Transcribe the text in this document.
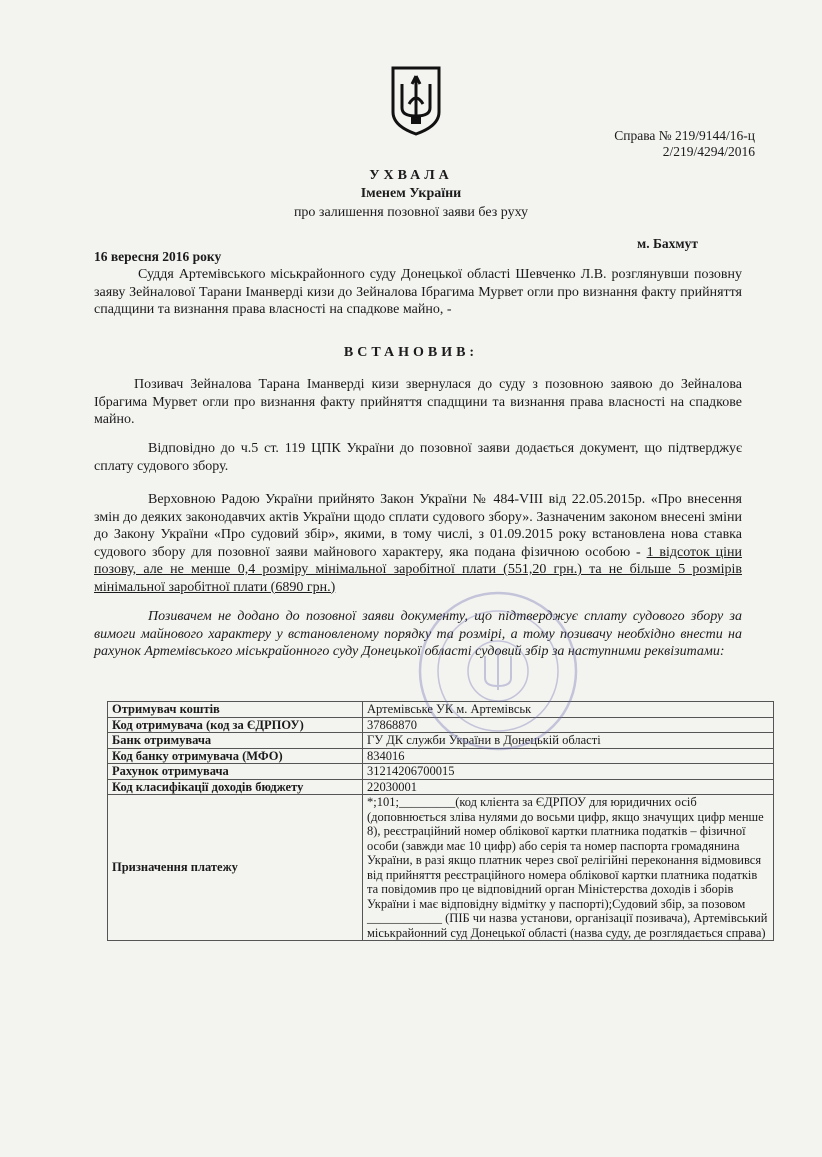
Справа № 219/9144/16-ц
2/219/4294/2016
УХВАЛА
Іменем України
про залишення позовної заяви без руху
м. Бахмут
16 вересня 2016 року
Суддя Артемівського міськрайонного суду Донецької області Шевченко Л.В. розглянувши позовну заяву Зейналової Тарани Іманверді кизи до Зейналова Ібрагима Мурвет огли про визнання факту прийняття спадщини та визнання права власності на спадкове майно, -
ВСТАНОВИВ:
Позивач Зейналова Тарана Іманверді кизи звернулася до суду з позовною заявою до Зейналова Ібрагима Мурвет огли про визнання факту прийняття спадщини та визнання права власності на спадкове майно.
Відповідно до ч.5 ст. 119 ЦПК України до позовної заяви додається документ, що підтверджує сплату судового збору.
Верховною Радою України прийнято Закон України № 484-VIII від 22.05.2015р. «Про внесення змін до деяких законодавчих актів України щодо сплати судового збору». Зазначеним законом внесені зміни до Закону України «Про судовий збір», якими, в тому числі, з 01.09.2015 року встановлена нова ставка судового збору для позовної заяви майнового характеру, яка подана фізичною особою - 1 відсоток ціни позову, але не менше 0,4 розміру мінімальної заробітної плати (551,20 грн.) та не більше 5 розмірів мінімальної заробітної плати (6890 грн.)
Позивачем не додано до позовної заяви документу, що підтверджує сплату судового збору за вимоги майнового характеру у встановленому порядку та розмірі, а тому позивачу необхідно внести на рахунок Артемівського міськрайонного суду Донецької області судовий збір за наступними реквізитами:
Отримувач коштів	Артемівське УК м. Артемівськ
Код отримувача (код за ЄДРПОУ)	37868870
Банк отримувача	ГУ ДК служби України в Донецькій області
Код банку отримувача (МФО)	834016
Рахунок отримувача	31214206700015
Код класифікації доходів бюджету	22030001
Призначення платежу	*;101;_________(код клієнта за ЄДРПОУ для юридичних осіб (доповнюється зліва нулями до восьми цифр, якщо значущих цифр менше 8), реєстраційний номер облікової картки платника податків – фізичної особи (завжди має 10 цифр) або серія та номер паспорта громадянина України, в разі якщо платник через свої релігійні переконання відмовився від прийняття реєстраційного номера облікової картки платника податків та повідомив про це відповідний орган Міністерства доходів і зборів України і має відповідну відмітку у паспорті);Судовий збір, за позовом ____________ (ПІБ чи назва установи, організації позивача), Артемівський міськрайонний суд Донецької області (назва суду, де розглядається справа)
